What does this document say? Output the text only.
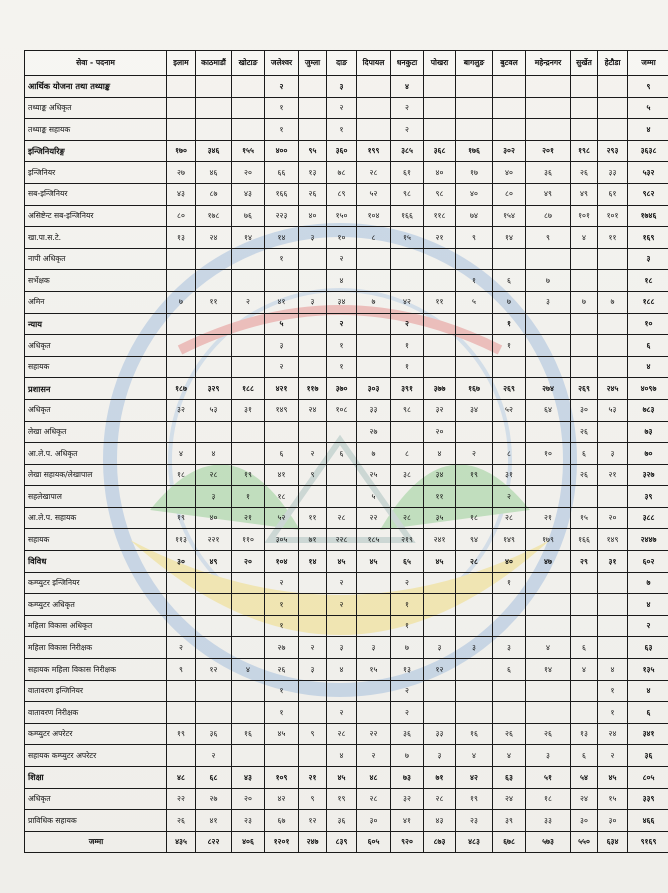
सेवा - पदनाम	इलाम	काठमाडौं	खोटाङ	जलेश्वर	जुम्ला	दाङ	दिपायल	धनकुटा	पोखरा	बागलुङ	बुटवल	महेन्द्रनगर	सुर्खेत	हेटौडा	जम्मा
आर्थिक योजना तथा तथ्याङ्क				२		३		४							९
तथ्याङ्क अधिकृत				१		२		२							५
तथ्याङ्क सहायक				१		१		२							४
इन्जिनियरिङ्ग	१७०	३४६	१५५	४००	९५	३६०	१९९	३८५	३६८	१७६	३०२	२०१	१९८	२९३	३६३८
इन्जिनियर	२७	४६	२०	६६	१३	७८	२८	६१	४०	१७	४०	३६	२६	३३	५३२
सब-इन्जिनियर	४३	८७	४३	१६६	२६	८९	५२	९८	९८	४०	८०	४९	४९	६१	९८२
असिष्टेन्ट सब-इन्जिनियर	८०	१७८	७६	२२३	४०	१५०	१०४	१६६	११८	७४	१५४	८७	१०१	१०१	१७४६
खा.पा.स.टे.	१३	२४	१४	१४	३	१०	८	१५	२१	९	१४	९	४	११	१६९
नापी अधिकृत				१		२									३
सर्भेक्षक						४				१	६	७			१८
अमिन	७	११	२	४१	३	३४	७	४२	११	५	७	३	७	७	१८८
न्याय				५		२		२			१				१०
अधिकृत				३		१		१			१				६
सहायक				२		१		१							४
प्रशासन	१८७	३२९	१८८	४२१	११७	३७०	३०३	३९१	३७७	१६७	२६९	२७४	२६९	२४५	४०९७
अधिकृत	३२	५३	३१	१४९	२४	१०८	३३	९८	३२	३४	५२	६४	३०	५३	७८३
लेखा अधिकृत							२७		२०				२६		७३
आ.ले.प. अधिकृत	४	४		६	२	६	७	८	४	२	८	१०	६	३	७०
लेखा सहायक/लेखापाल	१८	२८	१९	४१	९		२५	३८	३४	१९	३१		२६	२१	३२७
सहलेखापाल		३	१	१८			५		११		२				३९
आ.ले.प. सहायक	१९	४०	२१	५२	११	२८	२२	२८	३५	१८	२८	२१	१५	२०	३८८
सहायक	११३	२२१	११०	३०५	७१	२२८	१८५	२१९	२४१	९४	१४९	१७९	१६६	१४९	२४४७
विविध	३०	४९	२०	१०४	१४	४५	४५	६५	४५	२८	४०	४७	२९	३१	६०२
कम्प्युटर इन्जिनियर				२		२		२			१				७
कम्प्युटर अधिकृत				१		२		१							४
महिला विकास अधिकृत				१				१							२
महिला विकास निरीक्षक	२			२७	२	३	३	७	३	३	३	४	६		६३
सहायक महिला विकास निरीक्षक	९	१२	४	२६	३	४	१५	१३	१२		६	१४	४	४	१३५
वातावरण इन्जिनियर				१				२						१	४
वातावरण निरीक्षक				१		२		२						१	६
कम्प्युटर अपरेटर	१९	३६	१६	४५	९	२८	२२	३६	३३	१६	२६	२६	१३	२४	३४१
सहायक कम्प्युटर अपरेटर		२				४	२	७	३	४	४	३	६	२	३६
शिक्षा	४८	६८	४३	१०९	२१	४५	४८	७३	७१	४२	६३	५१	५४	४५	८०५
अधिकृत	२२	२७	२०	४२	९	१९	२८	३२	२८	१९	२४	१८	२४	१५	३३९
प्राविधिक सहायक	२६	४१	२३	६७	१२	३६	३०	४१	४३	२३	३९	३३	३०	३०	४६६
जम्मा	४३५	८२२	४०६	१२०१	२४७	८३९	६०५	९२०	८७३	४८३	६७८	५७३	५५०	६३४	९१६९
